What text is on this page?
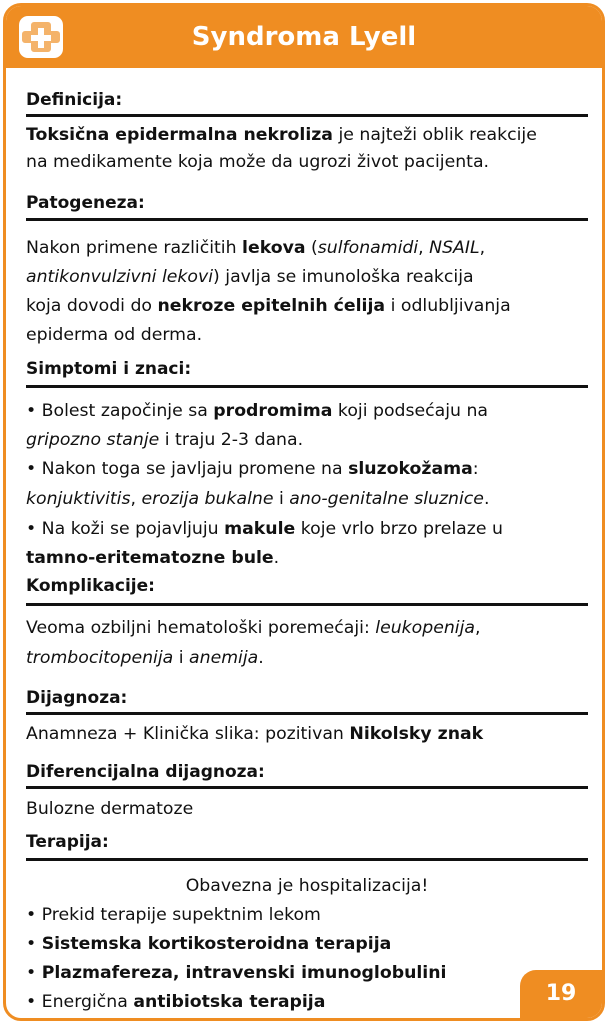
Syndroma Lyell
Definicija:
Toksična epidermalna nekroliza je najteži oblik reakcije
na medikamente koja može da ugrozi život pacijenta.
Patogeneza:
Nakon primene različitih lekova (sulfonamidi, NSAIL,
antikonvulzivni lekovi) javlja se imunološka reakcija
koja dovodi do nekroze epitelnih ćelija i odlubljivanja
epiderma od derma.
Simptomi i znaci:
• Bolest započinje sa prodromima koji podsećaju na
gripozno stanje i traju 2-3 dana.
• Nakon toga se javljaju promene na sluzokožama:
konjuktivitis, erozija bukalne i ano-genitalne sluznice.
• Na koži se pojavljuju makule koje vrlo brzo prelaze u
tamno-eritematozne bule.
Komplikacije:
Veoma ozbiljni hematološki poremećaji: leukopenija,
trombocitopenija i anemija.
Dijagnoza:
Anamneza + Klinička slika: pozitivan Nikolsky znak
Diferencijalna dijagnoza:
Bulozne dermatoze
Terapija:
Obavezna je hospitalizacija!
• Prekid terapije supektnim lekom
• Sistemska kortikosteroidna terapija
• Plazmafereza, intravenski imunoglobulini
• Energična antibiotska terapija	19
